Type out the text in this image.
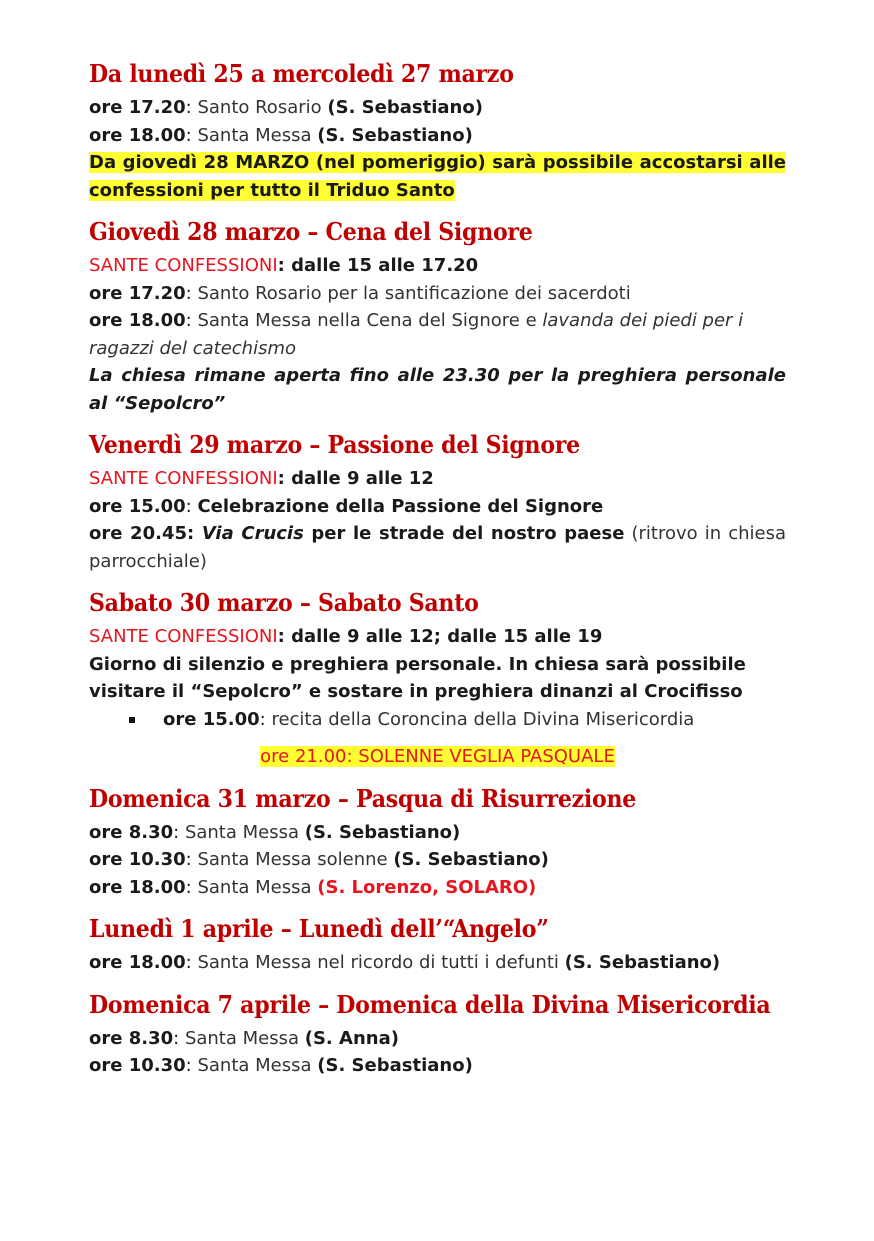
Da lunedì 25 a mercoledì 27 marzo
ore 17.20: Santo Rosario (S. Sebastiano)
ore 18.00: Santa Messa (S. Sebastiano)
Da giovedì 28 MARZO (nel pomeriggio) sarà possibile accostarsi alle confessioni per tutto il Triduo Santo
Giovedì 28 marzo – Cena del Signore
SANTE CONFESSIONI: dalle 15 alle 17.20
ore 17.20: Santo Rosario per la santificazione dei sacerdoti
ore 18.00: Santa Messa nella Cena del Signore e lavanda dei piedi per i ragazzi del catechismo
La chiesa rimane aperta fino alle 23.30 per la preghiera personale al “Sepolcro”
Venerdì 29 marzo – Passione del Signore
SANTE CONFESSIONI: dalle 9 alle 12
ore 15.00: Celebrazione della Passione del Signore
ore 20.45: Via Crucis per le strade del nostro paese (ritrovo in chiesa parrocchiale)
Sabato 30 marzo – Sabato Santo
SANTE CONFESSIONI: dalle 9 alle 12; dalle 15 alle 19
Giorno di silenzio e preghiera personale. In chiesa sarà possibile visitare il “Sepolcro” e sostare in preghiera dinanzi al Crocifisso
ore 15.00: recita della Coroncina della Divina Misericordia
ore 21.00: SOLENNE VEGLIA PASQUALE
Domenica 31 marzo – Pasqua di Risurrezione
ore 8.30: Santa Messa (S. Sebastiano)
ore 10.30: Santa Messa solenne (S. Sebastiano)
ore 18.00: Santa Messa (S. Lorenzo, SOLARO)
Lunedì 1 aprile – Lunedì dell’“Angelo”
ore 18.00: Santa Messa nel ricordo di tutti i defunti (S. Sebastiano)
Domenica 7 aprile – Domenica della Divina Misericordia
ore 8.30: Santa Messa (S. Anna)
ore 10.30: Santa Messa (S. Sebastiano)
